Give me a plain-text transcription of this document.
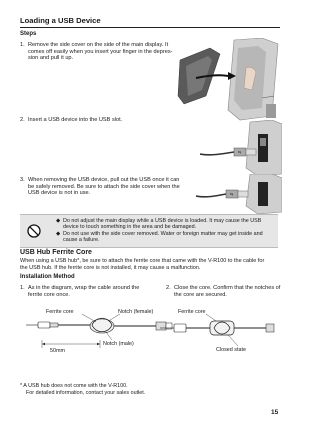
Loading a USB Device
Steps
1. Remove the side cover on the side of the main display. It
comes off easily when you insert your finger in the depres-
sion and pull it up.
2. Insert a USB device into the USB slot.
⇆
3. When removing the USB device, pull out the USB once it can
be safely removed. Be sure to attach the side cover when the
USB device is not in use.	⇆
◆ Do not adjust the main display while a USB device is loaded. It may cause the USB
device to touch something in the area and be damaged.
◆ Do not use with the side cover removed. Water or foreign matter may get inside and
cause a failure.
USB Hub Ferrite Core
When using a USB hub*, be sure to attach the ferrite core that came with the V-R100 to the cable for
the USB hub. If the ferrite core is not installed, it may cause a malfunction.
Installation Method
1. As in the diagram, wrap the cable around the
ferrite core once.
2. Close the core. Confirm that the notches of
the core are secured.
Ferrite core	Notch (female)	Ferrite core
Closed state
Notch (male)
50mm
* A USB hub does not come with the V-R100.
For detailed information, contact your sales outlet.
15
